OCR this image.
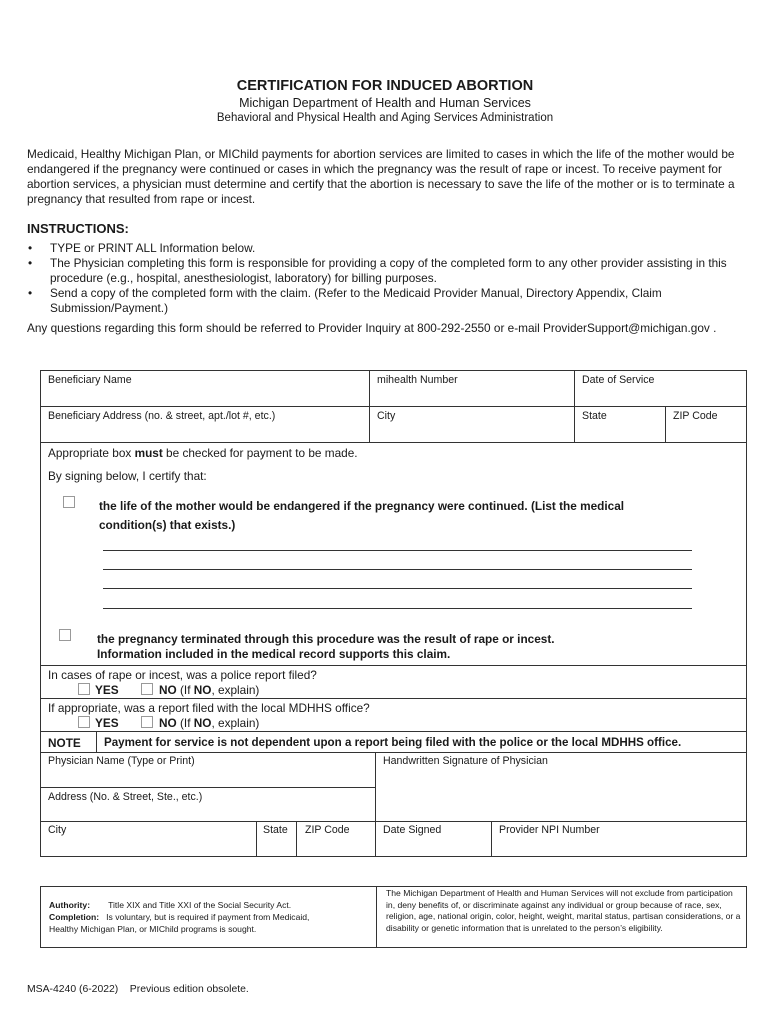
CERTIFICATION FOR INDUCED ABORTION
Michigan Department of Health and Human Services
Behavioral and Physical Health and Aging Services Administration
Medicaid, Healthy Michigan Plan, or MIChild payments for abortion services are limited to cases in which the life of the mother would be endangered if the pregnancy were continued or cases in which the pregnancy was the result of rape or incest. To receive payment for abortion services, a physician must determine and certify that the abortion is necessary to save the life of the mother or is to terminate a pregnancy that resulted from rape or incest.
INSTRUCTIONS:
• TYPE or PRINT ALL Information below.
• The Physician completing this form is responsible for providing a copy of the completed form to any other provider assisting in this procedure (e.g., hospital, anesthesiologist, laboratory) for billing purposes.
• Send a copy of the completed form with the claim. (Refer to the Medicaid Provider Manual, Directory Appendix, Claim Submission/Payment.)
Any questions regarding this form should be referred to Provider Inquiry at 800-292-2550 or e-mail ProviderSupport@michigan.gov .
Beneficiary Name	mihealth Number	Date of Service
Beneficiary Address (no. & street, apt./lot #, etc.)	City	State	ZIP Code
Appropriate box must be checked for payment to be made.
By signing below, I certify that:
the life of the mother would be endangered if the pregnancy were continued. (List the medical
condition(s) that exists.)
the pregnancy terminated through this procedure was the result of rape or incest.
Information included in the medical record supports this claim.
In cases of rape or incest, was a police report filed?
YES	NO (If NO, explain)
If appropriate, was a report filed with the local MDHHS office?
YES	NO (If NO, explain)
NOTE Payment for service is not dependent upon a report being filed with the police or the local MDHHS office.
Physician Name (Type or Print)	Handwritten Signature of Physician
Address (No. & Street, Ste., etc.)
City	State ZIP Code	Date Signed	Provider NPI Number
Authority: Title XIX and Title XXI of the Social Security Act.
Completion: Is voluntary, but is required if payment from Medicaid,
Healthy Michigan Plan, or MIChild programs is sought.
The Michigan Department of Health and Human Services will not exclude from participation in, deny benefits of, or discriminate against any individual or group because of race, sex, religion, age, national origin, color, height, weight, marital status, partisan considerations, or a disability or genetic information that is unrelated to the person’s eligibility.
MSA-4240 (6-2022)    Previous edition obsolete.
